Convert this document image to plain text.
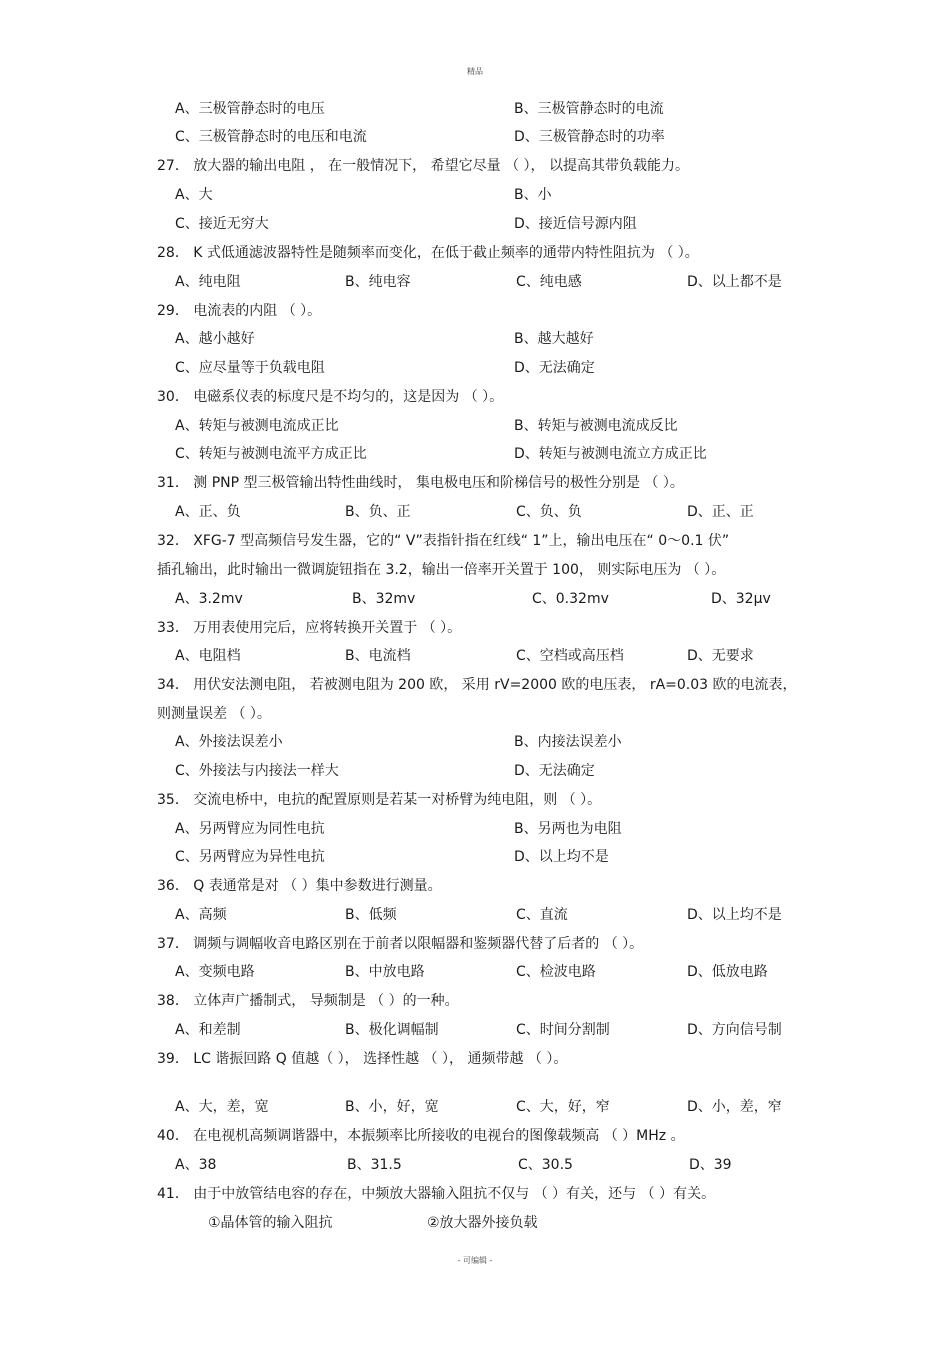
精品
A、三极管静态时的电压	B、三极管静态时的电流
C、三极管静态时的电压和电流	D、三极管静态时的功率
27． 放大器的输出电阻 ， 在一般情况下， 希望它尽量 （ ）， 以提高其带负载能力。
A、大	B、小
C、接近无穷大	D、接近信号源内阻
28． K 式低通滤波器特性是随频率而变化，在低于截止频率的通带内特性阻抗为 （ ）。
A、纯电阻	B、纯电容	C、纯电感	D、以上都不是
29． 电流表的内阻 （ ）。
A、越小越好	B、越大越好
C、应尽量等于负载电阻	D、无法确定
30． 电磁系仪表的标度尺是不均匀的，这是因为 （ ）。
A、转矩与被测电流成正比	B、转矩与被测电流成反比
C、转矩与被测电流平方成正比	D、转矩与被测电流立方成正比
31． 测 PNP 型三极管输出特性曲线时， 集电极电压和阶梯信号的极性分别是 （ ）。
A、正、负	B、负、正	C、负、负	D、正、正
32． XFG-7 型高频信号发生器，它的“ V”表指针指在红线“ 1”上，输出电压在“ 0～0.1 伏”
插孔输出，此时输出一微调旋钮指在 3.2，输出一倍率开关置于 100， 则实际电压为 （ ）。
A、3.2mv	B、32mv	C、0.32mv	D、32μv
33． 万用表使用完后，应将转换开关置于 （ ）。
A、电阻档	B、电流档	C、空档或高压档	D、无要求
34． 用伏安法测电阻， 若被测电阻为 200 欧， 采用 rV=2000 欧的电压表， rA=0.03 欧的电流表，
则测量误差 （ ）。
A、外接法误差小	B、内接法误差小
C、外接法与内接法一样大	D、无法确定
35． 交流电桥中，电抗的配置原则是若某一对桥臂为纯电阻，则 （ ）。
A、另两臂应为同性电抗	B、另两也为电阻
C、另两臂应为异性电抗	D、以上均不是
36． Q 表通常是对 （ ）集中参数进行测量。
A、高频	B、低频	C、直流	D、以上均不是
37． 调频与调幅收音电路区别在于前者以限幅器和鉴频器代替了后者的 （ ）。
A、变频电路	B、中放电路	C、检波电路	D、低放电路
38． 立体声广播制式， 导频制是 （ ）的一种。
A、和差制	B、极化调幅制	C、时间分割制	D、方向信号制
39． LC 谐振回路 Q 值越（ ）， 选择性越 （ ）， 通频带越 （ ）。
A、大，差，宽	B、小，好，宽	C、大，好，窄	D、小，差，窄
40． 在电视机高频调谐器中，本振频率比所接收的电视台的图像载频高 （ ）MHz 。
A、38	B、31.5	C、30.5	D、39
41． 由于中放管结电容的存在，中频放大器输入阻抗不仅与 （ ）有关，还与 （ ）有关。
①晶体管的输入阻抗	②放大器外接负载
- 可编辑 -
